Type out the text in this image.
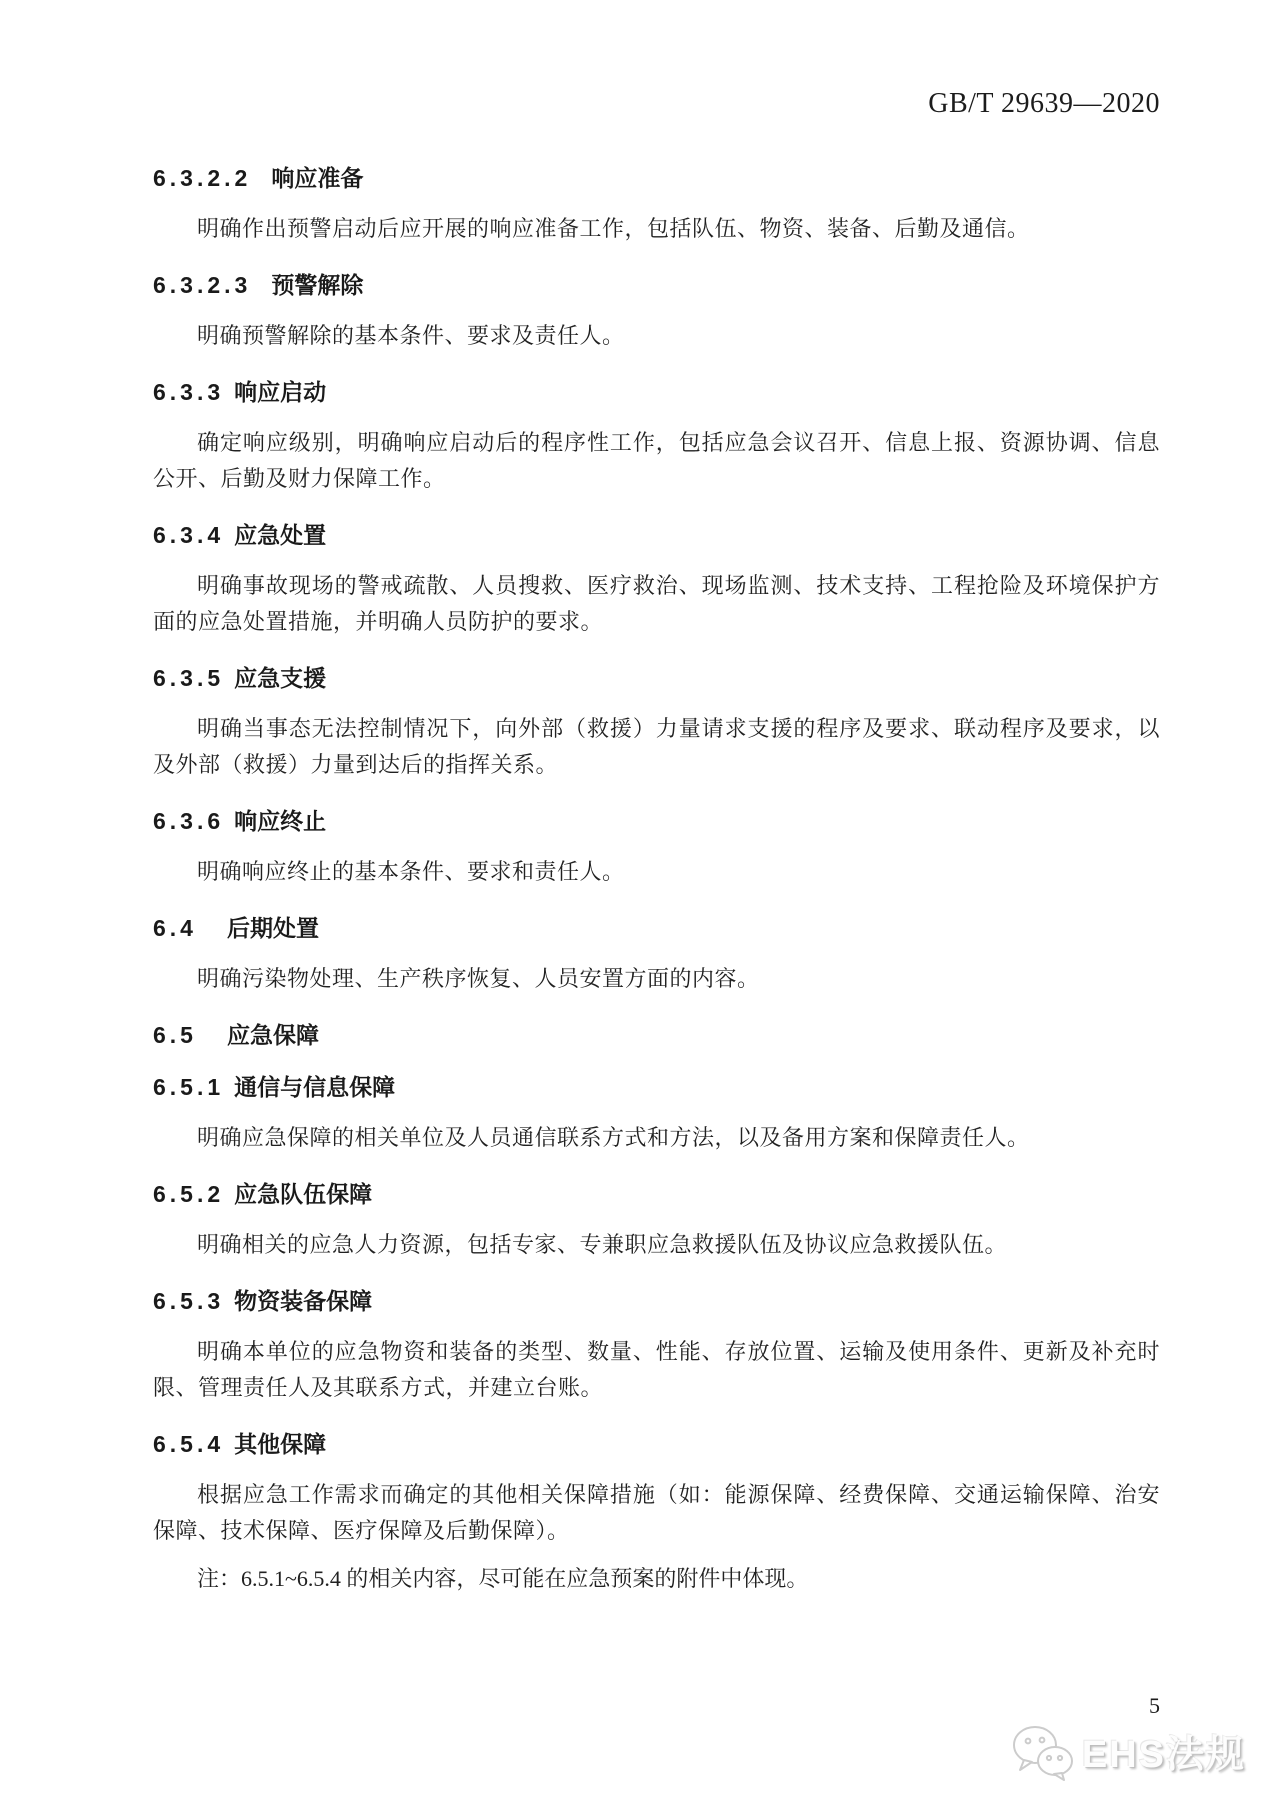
GB/T 29639—2020
6.3.2.2 响应准备

明确作出预警启动后应开展的响应准备工作，包括队伍、物资、装备、后勤及通信。

6.3.2.3 预警解除

明确预警解除的基本条件、要求及责任人。

6.3.3 响应启动

确定响应级别，明确响应启动后的程序性工作，包括应急会议召开、信息上报、资源协调、信息公开、后勤及财力保障工作。

6.3.4 应急处置

明确事故现场的警戒疏散、人员搜救、医疗救治、现场监测、技术支持、工程抢险及环境保护方面的应急处置措施，并明确人员防护的要求。

6.3.5 应急支援

明确当事态无法控制情况下，向外部（救援）力量请求支援的程序及要求、联动程序及要求，以及外部（救援）力量到达后的指挥关系。

6.3.6 响应终止

明确响应终止的基本条件、要求和责任人。

6.4 后期处置

明确污染物处理、生产秩序恢复、人员安置方面的内容。

6.5 应急保障
6.5.1 通信与信息保障

明确应急保障的相关单位及人员通信联系方式和方法，以及备用方案和保障责任人。

6.5.2 应急队伍保障

明确相关的应急人力资源，包括专家、专兼职应急救援队伍及协议应急救援队伍。

6.5.3 物资装备保障

明确本单位的应急物资和装备的类型、数量、性能、存放位置、运输及使用条件、更新及补充时限、管理责任人及其联系方式，并建立台账。

6.5.4 其他保障

根据应急工作需求而确定的其他相关保障措施（如：能源保障、经费保障、交通运输保障、治安保障、技术保障、医疗保障及后勤保障）。

注：6.5.1~6.5.4 的相关内容，尽可能在应急预案的附件中体现。

5
EHS法规
